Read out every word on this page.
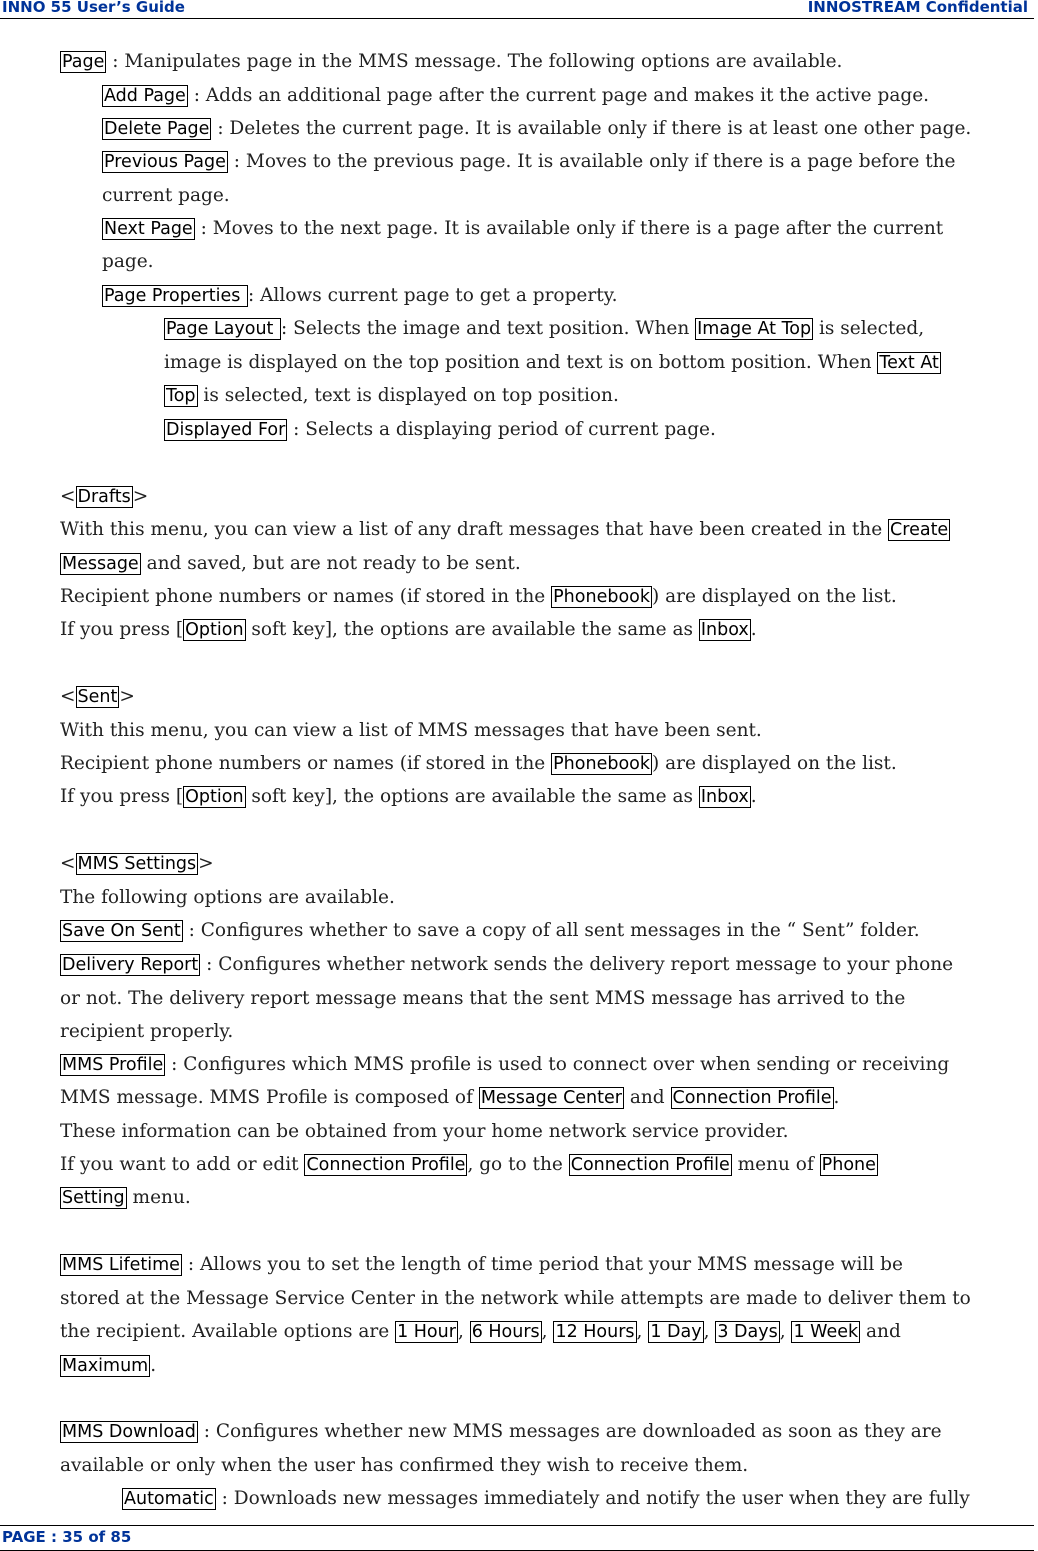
INNO 55 User’s Guide	INNOSTREAM Confidential
Page : Manipulates page in the MMS message. The following options are available.
Add Page : Adds an additional page after the current page and makes it the active page.
Delete Page : Deletes the current page. It is available only if there is at least one other page.
Previous Page : Moves to the previous page. It is available only if there is a page before the
current page.
Next Page : Moves to the next page. It is available only if there is a page after the current
page.
Page Properties : Allows current page to get a property.
Page Layout : Selects the image and text position. When Image At Top is selected,
image is displayed on the top position and text is on bottom position. When Text At
Top is selected, text is displayed on top position.
Displayed For : Selects a displaying period of current page.
< Drafts >
With this menu, you can view a list of any draft messages that have been created in the Create
Message and saved, but are not ready to be sent.
Recipient phone numbers or names (if stored in the Phonebook ) are displayed on the list.
If you press [ Option soft key], the options are available the same as Inbox .
< Sent >
With this menu, you can view a list of MMS messages that have been sent.
Recipient phone numbers or names (if stored in the Phonebook ) are displayed on the list.
If you press [ Option soft key], the options are available the same as Inbox .
< MMS Settings >
The following options are available.
Save On Sent : Configures whether to save a copy of all sent messages in the “ Sent” folder.
Delivery Report : Configures whether network sends the delivery report message to your phone
or not. The delivery report message means that the sent MMS message has arrived to the
recipient properly.
MMS Profile : Configures which MMS profile is used to connect over when sending or receiving
MMS message. MMS Profile is composed of Message Center and Connection Profile .
These information can be obtained from your home network service provider.
If you want to add or edit Connection Profile , go to the Connection Profile menu of Phone
Setting menu.
MMS Lifetime : Allows you to set the length of time period that your MMS message will be
stored at the Message Service Center in the network while attempts are made to deliver them to
the recipient. Available options are 1 Hour , 6 Hours , 12 Hours , 1 Day , 3 Days , 1 Week and
Maximum .
MMS Download : Configures whether new MMS messages are downloaded as soon as they are
available or only when the user has confirmed they wish to receive them.
Automatic : Downloads new messages immediately and notify the user when they are fully
PAGE : 35 of 85
